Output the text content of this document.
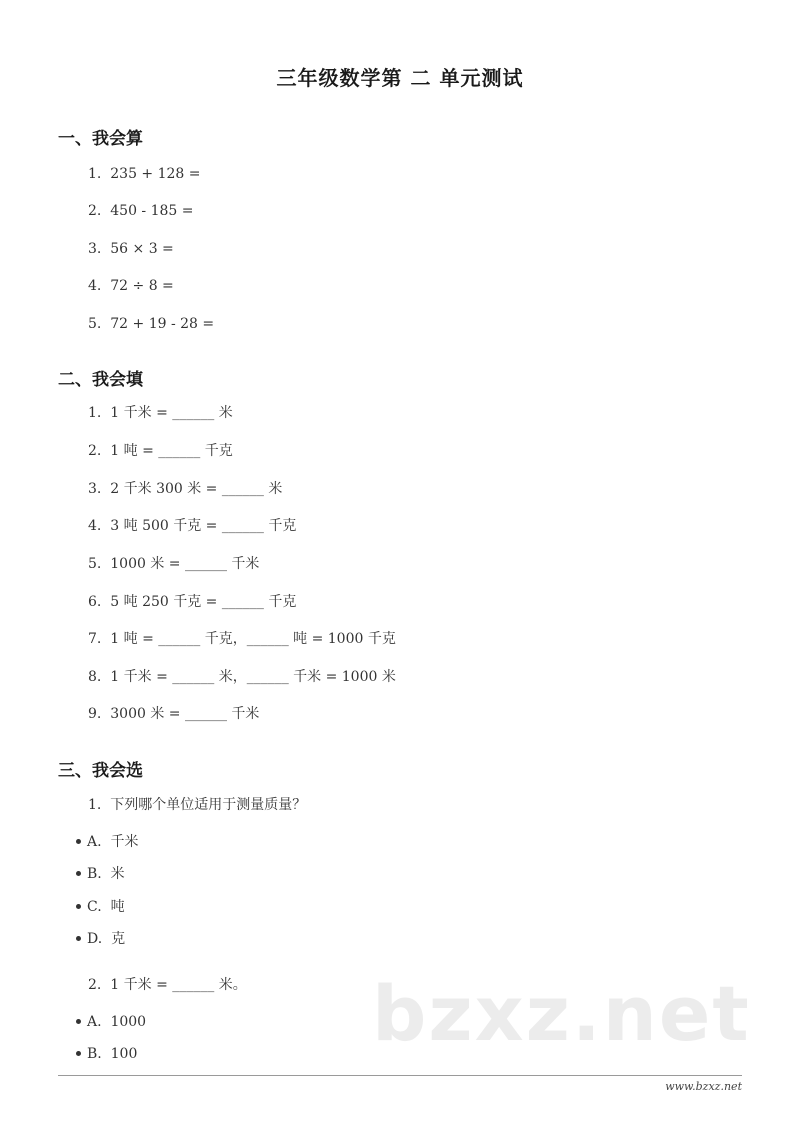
三年级数学第 二 单元测试
一、我会算
1.  235 + 128 =
2.  450 - 185 =
3.  56 × 3 =
4.  72 ÷ 8 =
5.  72 + 19 - 28 =
二、我会填
1.  1 千米 = ______ 米
2.  1 吨 = ______ 千克
3.  2 千米 300 米 = ______ 米
4.  3 吨 500 千克 = ______ 千克
5.  1000 米 = ______ 千米
6.  5 吨 250 千克 = ______ 千克
7.  1 吨 = ______ 千克，______ 吨 = 1000 千克
8.  1 千米 = ______ 米，______ 千米 = 1000 米
9.  3000 米 = ______ 千米
三、我会选
1.  下列哪个单位适用于测量质量？
A.  千米
B.  米
C.  吨
D.  克
bzxz.net
2.  1 千米 = ______ 米。
A.  1000
B.  100
www.bzxz.net
